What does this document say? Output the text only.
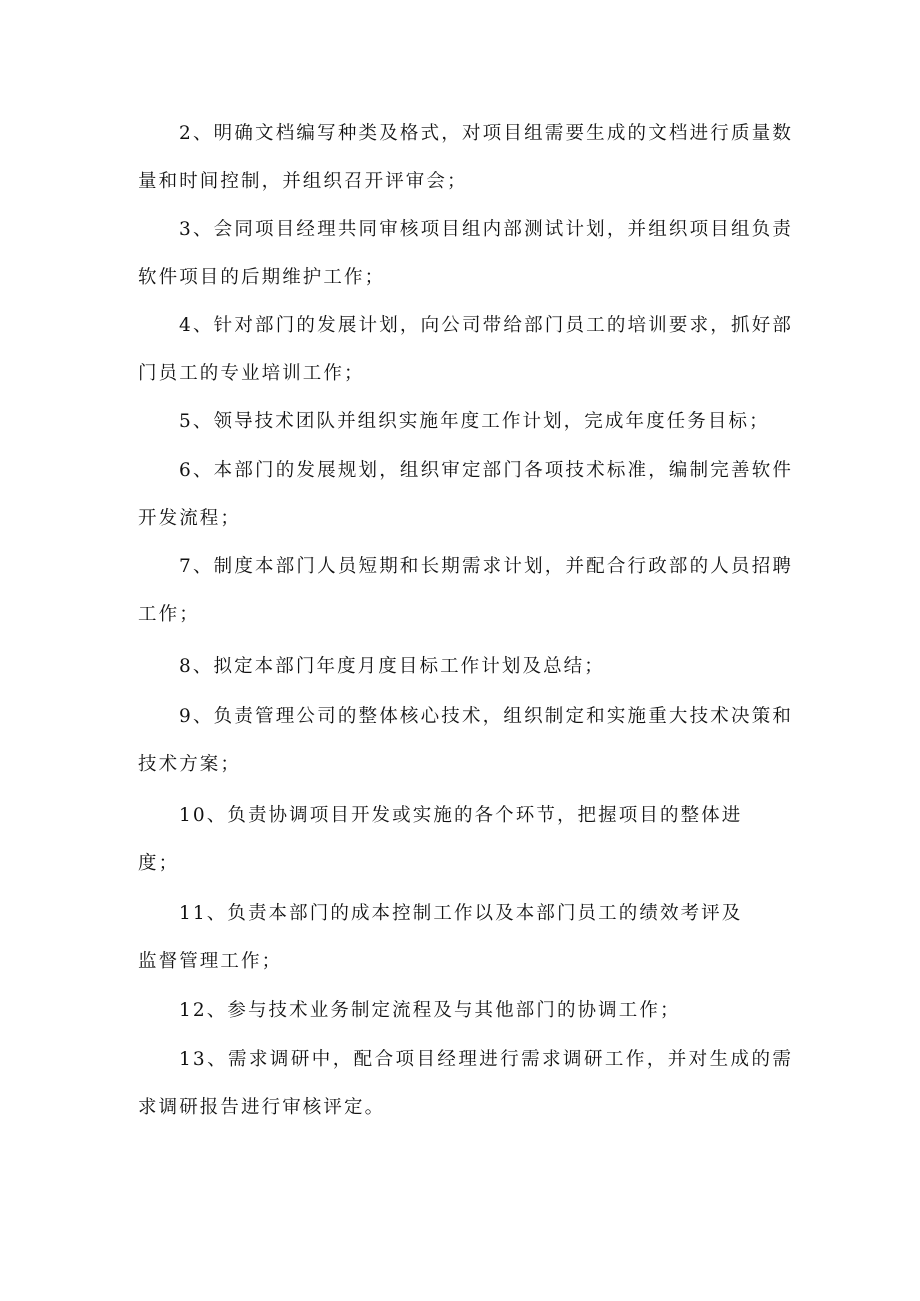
2、明确文档编写种类及格式，对项目组需要生成的文档进行质量数量和时间控制，并组织召开评审会；

3、会同项目经理共同审核项目组内部测试计划，并组织项目组负责软件项目的后期维护工作；

4、针对部门的发展计划，向公司带给部门员工的培训要求，抓好部门员工的专业培训工作；

5、领导技术团队并组织实施年度工作计划，完成年度任务目标；

6、本部门的发展规划，组织审定部门各项技术标准，编制完善软件开发流程；

7、制度本部门人员短期和长期需求计划，并配合行政部的人员招聘工作；

8、拟定本部门年度月度目标工作计划及总结；

9、负责管理公司的整体核心技术，组织制定和实施重大技术决策和技术方案；

10、负责协调项目开发或实施的各个环节，把握项目的整体进
度；
11、负责本部门的成本控制工作以及本部门员工的绩效考评及
监督管理工作；

12、参与技术业务制定流程及与其他部门的协调工作；

13、需求调研中，配合项目经理进行需求调研工作，并对生成的需求调研报告进行审核评定。
